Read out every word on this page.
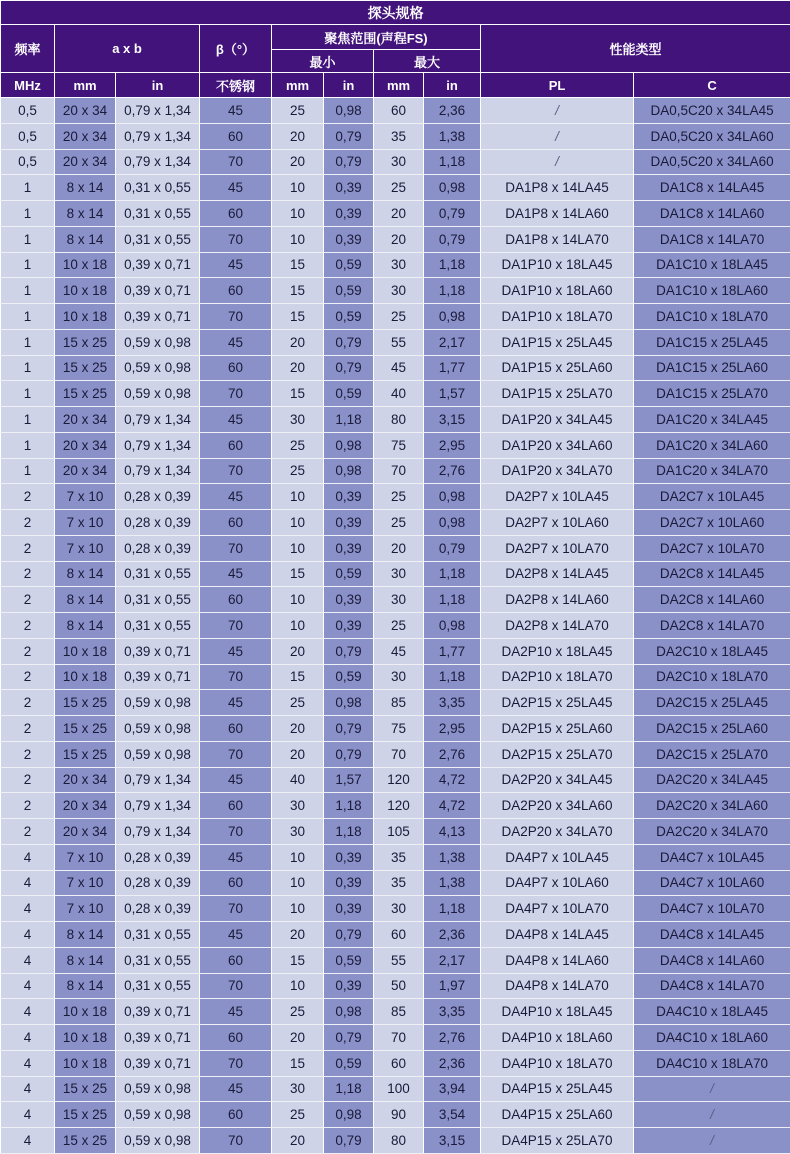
探头规格									
频率	a x b		β（°）	聚焦范围(声程FS)				性能类型	
				最小		最大			
MHz	mm	in	不锈钢	mm	in	mm	in	PL	C
0,5	20 x 34	0,79 x 1,34	45	25	0,98	60	2,36	/	DA0,5C20 x 34LA45
0,5	20 x 34	0,79 x 1,34	60	20	0,79	35	1,38	/	DA0,5C20 x 34LA60
0,5	20 x 34	0,79 x 1,34	70	20	0,79	30	1,18	/	DA0,5C20 x 34LA60
1	8 x 14	0,31 x 0,55	45	10	0,39	25	0,98	DA1P8 x 14LA45	DA1C8 x 14LA45
1	8 x 14	0,31 x 0,55	60	10	0,39	20	0,79	DA1P8 x 14LA60	DA1C8 x 14LA60
1	8 x 14	0,31 x 0,55	70	10	0,39	20	0,79	DA1P8 x 14LA70	DA1C8 x 14LA70
1	10 x 18	0,39 x 0,71	45	15	0,59	30	1,18	DA1P10 x 18LA45	DA1C10 x 18LA45
1	10 x 18	0,39 x 0,71	60	15	0,59	30	1,18	DA1P10 x 18LA60	DA1C10 x 18LA60
1	10 x 18	0,39 x 0,71	70	15	0,59	25	0,98	DA1P10 x 18LA70	DA1C10 x 18LA70
1	15 x 25	0,59 x 0,98	45	20	0,79	55	2,17	DA1P15 x 25LA45	DA1C15 x 25LA45
1	15 x 25	0,59 x 0,98	60	20	0,79	45	1,77	DA1P15 x 25LA60	DA1C15 x 25LA60
1	15 x 25	0,59 x 0,98	70	15	0,59	40	1,57	DA1P15 x 25LA70	DA1C15 x 25LA70
1	20 x 34	0,79 x 1,34	45	30	1,18	80	3,15	DA1P20 x 34LA45	DA1C20 x 34LA45
1	20 x 34	0,79 x 1,34	60	25	0,98	75	2,95	DA1P20 x 34LA60	DA1C20 x 34LA60
1	20 x 34	0,79 x 1,34	70	25	0,98	70	2,76	DA1P20 x 34LA70	DA1C20 x 34LA70
2	7 x 10	0,28 x 0,39	45	10	0,39	25	0,98	DA2P7 x 10LA45	DA2C7 x 10LA45
2	7 x 10	0,28 x 0,39	60	10	0,39	25	0,98	DA2P7 x 10LA60	DA2C7 x 10LA60
2	7 x 10	0,28 x 0,39	70	10	0,39	20	0,79	DA2P7 x 10LA70	DA2C7 x 10LA70
2	8 x 14	0,31 x 0,55	45	15	0,59	30	1,18	DA2P8 x 14LA45	DA2C8 x 14LA45
2	8 x 14	0,31 x 0,55	60	10	0,39	30	1,18	DA2P8 x 14LA60	DA2C8 x 14LA60
2	8 x 14	0,31 x 0,55	70	10	0,39	25	0,98	DA2P8 x 14LA70	DA2C8 x 14LA70
2	10 x 18	0,39 x 0,71	45	20	0,79	45	1,77	DA2P10 x 18LA45	DA2C10 x 18LA45
2	10 x 18	0,39 x 0,71	70	15	0,59	30	1,18	DA2P10 x 18LA70	DA2C10 x 18LA70
2	15 x 25	0,59 x 0,98	45	25	0,98	85	3,35	DA2P15 x 25LA45	DA2C15 x 25LA45
2	15 x 25	0,59 x 0,98	60	20	0,79	75	2,95	DA2P15 x 25LA60	DA2C15 x 25LA60
2	15 x 25	0,59 x 0,98	70	20	0,79	70	2,76	DA2P15 x 25LA70	DA2C15 x 25LA70
2	20 x 34	0,79 x 1,34	45	40	1,57	120	4,72	DA2P20 x 34LA45	DA2C20 x 34LA45
2	20 x 34	0,79 x 1,34	60	30	1,18	120	4,72	DA2P20 x 34LA60	DA2C20 x 34LA60
2	20 x 34	0,79 x 1,34	70	30	1,18	105	4,13	DA2P20 x 34LA70	DA2C20 x 34LA70
4	7 x 10	0,28 x 0,39	45	10	0,39	35	1,38	DA4P7 x 10LA45	DA4C7 x 10LA45
4	7 x 10	0,28 x 0,39	60	10	0,39	35	1,38	DA4P7 x 10LA60	DA4C7 x 10LA60
4	7 x 10	0,28 x 0,39	70	10	0,39	30	1,18	DA4P7 x 10LA70	DA4C7 x 10LA70
4	8 x 14	0,31 x 0,55	45	20	0,79	60	2,36	DA4P8 x 14LA45	DA4C8 x 14LA45
4	8 x 14	0,31 x 0,55	60	15	0,59	55	2,17	DA4P8 x 14LA60	DA4C8 x 14LA60
4	8 x 14	0,31 x 0,55	70	10	0,39	50	1,97	DA4P8 x 14LA70	DA4C8 x 14LA70
4	10 x 18	0,39 x 0,71	45	25	0,98	85	3,35	DA4P10 x 18LA45	DA4C10 x 18LA45
4	10 x 18	0,39 x 0,71	60	20	0,79	70	2,76	DA4P10 x 18LA60	DA4C10 x 18LA60
4	10 x 18	0,39 x 0,71	70	15	0,59	60	2,36	DA4P10 x 18LA70	DA4C10 x 18LA70
4	15 x 25	0,59 x 0,98	45	30	1,18	100	3,94	DA4P15 x 25LA45	/
4	15 x 25	0,59 x 0,98	60	25	0,98	90	3,54	DA4P15 x 25LA60	/
4	15 x 25	0,59 x 0,98	70	20	0,79	80	3,15	DA4P15 x 25LA70	/
